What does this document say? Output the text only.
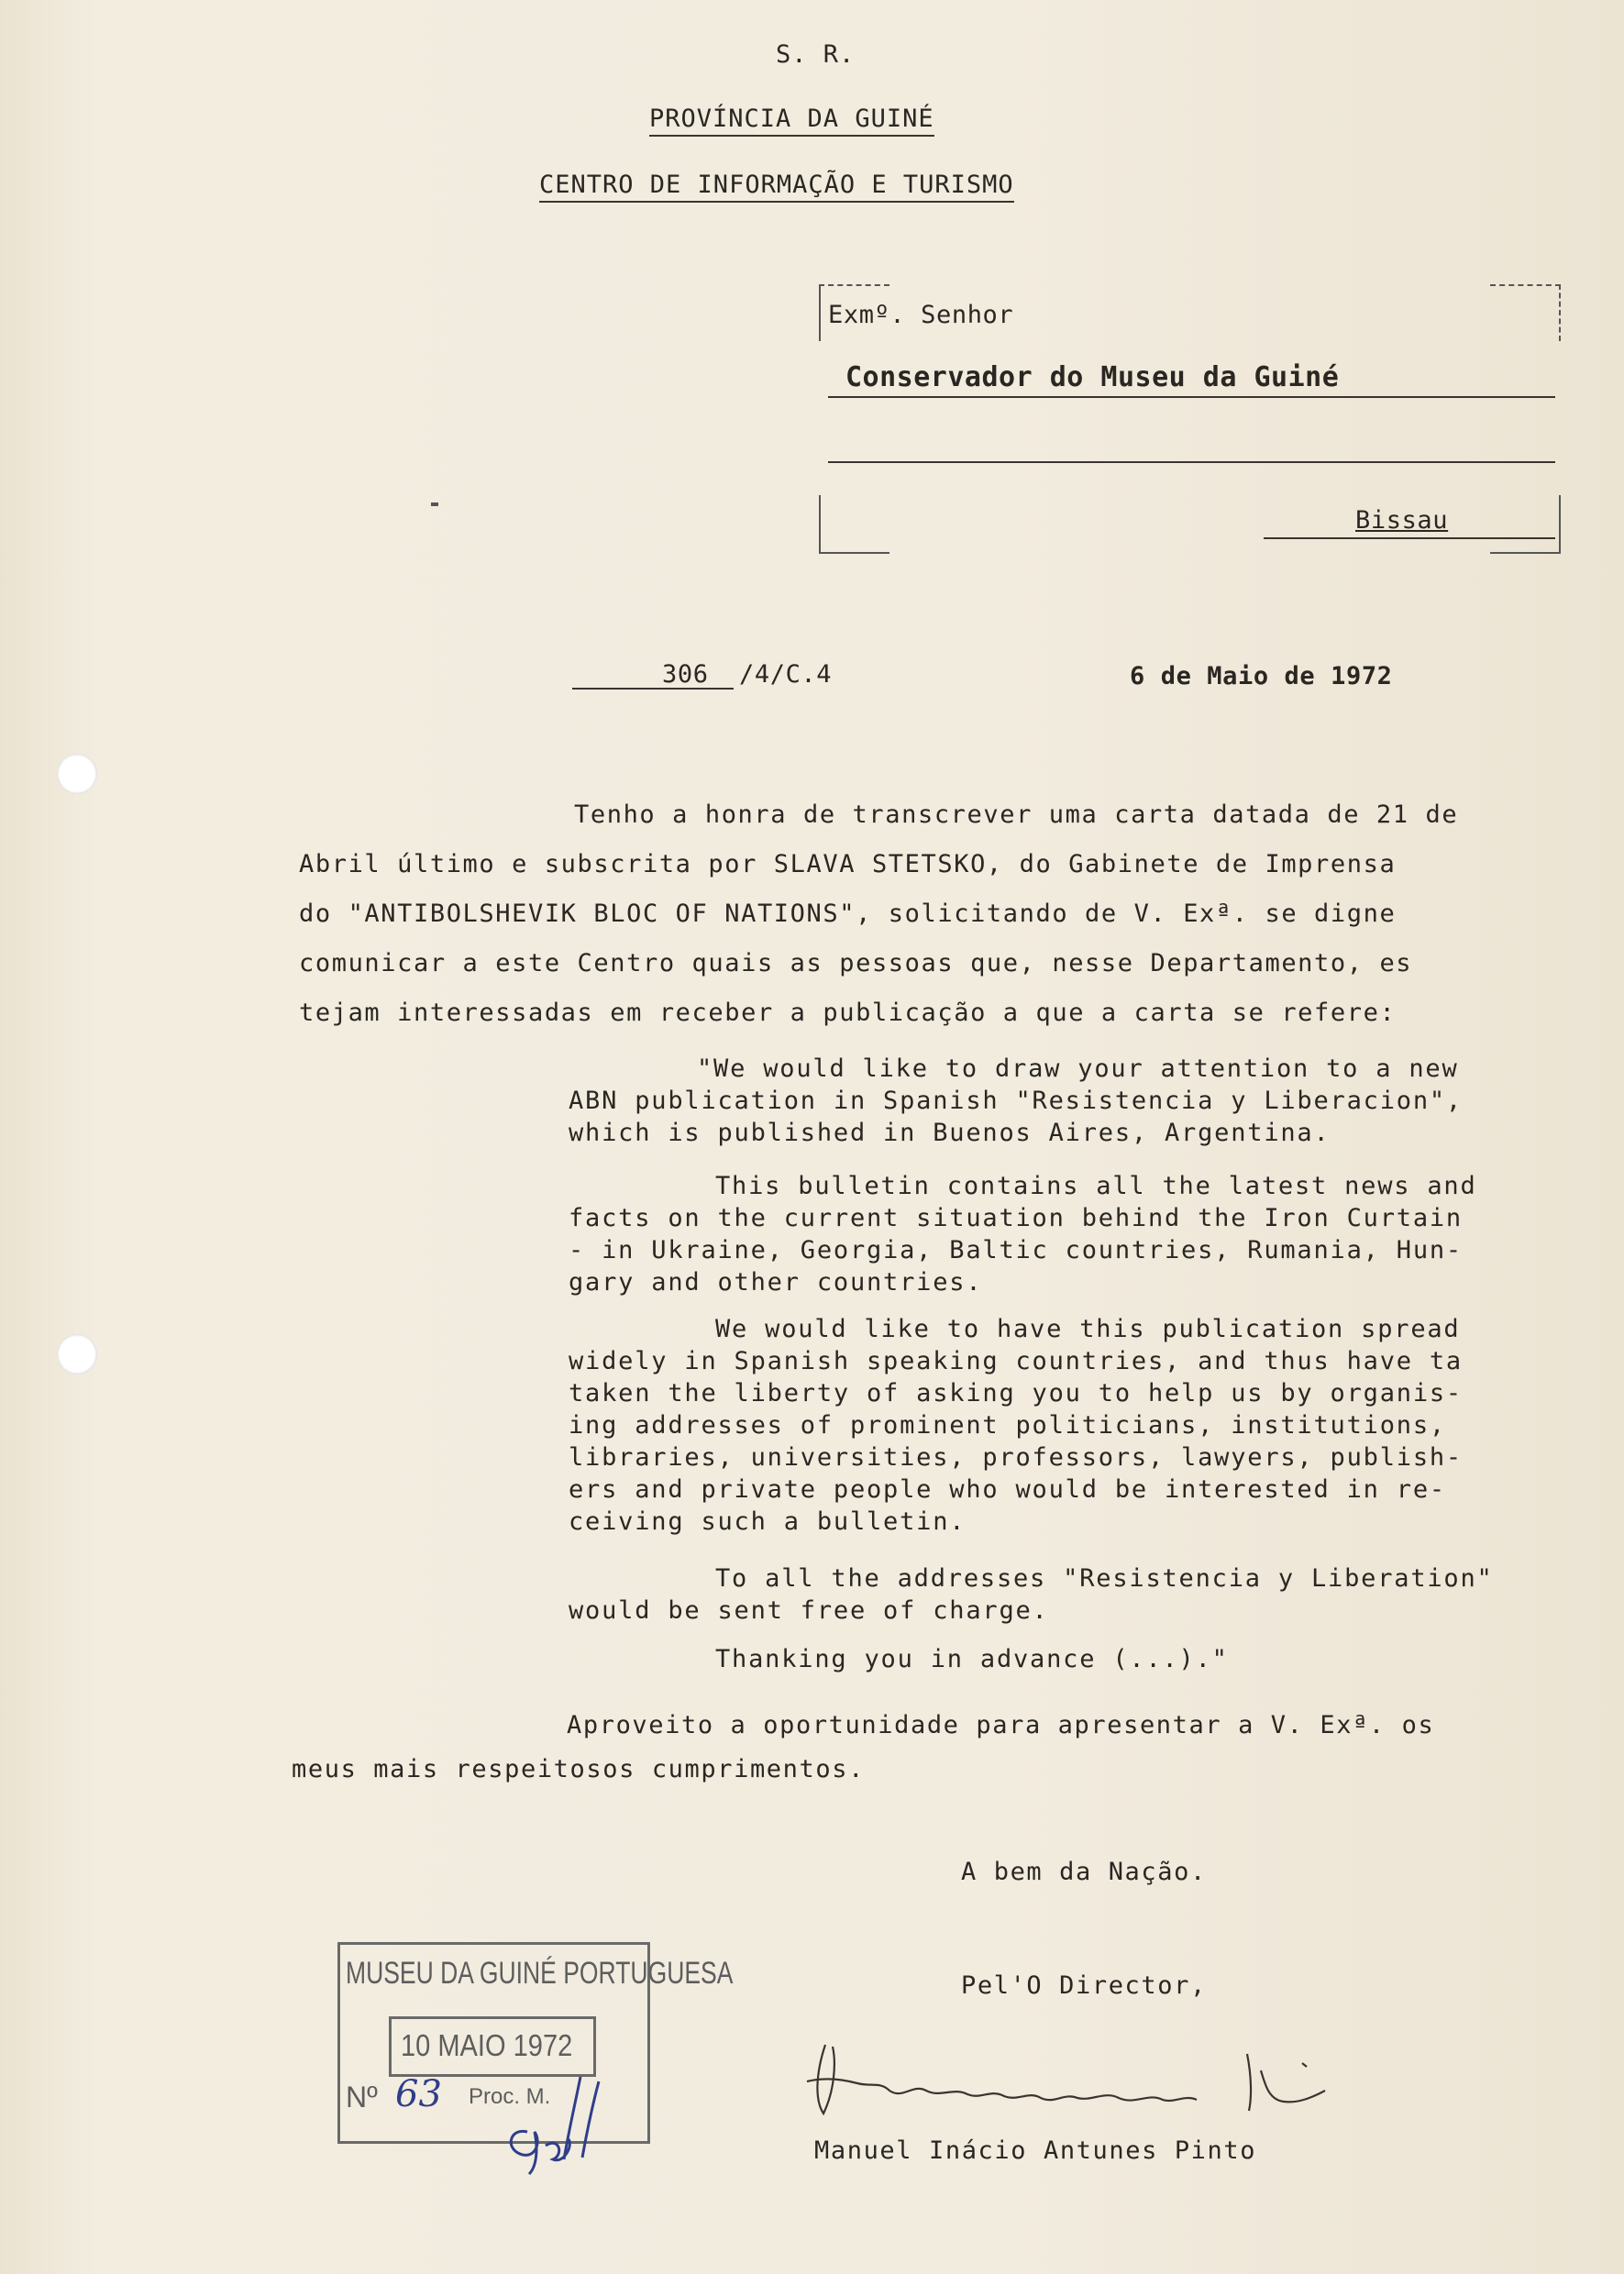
S. R.
PROVÍNCIA DA GUINÉ
CENTRO DE INFORMAÇÃO E TURISMO
Exmº. Senhor
Conservador do Museu da Guiné
Bissau
306 /4/C.4	6 de Maio de 1972
Tenho a honra de transcrever uma carta datada de 21 de
Abril último e subscrita por SLAVA STETSKO, do Gabinete de Imprensa
do "ANTIBOLSHEVIK BLOC OF NATIONS", solicitando de V. Exª. se digne
comunicar a este Centro quais as pessoas que, nesse Departamento, es
tejam interessadas em receber a publicação a que a carta se refere:
"We would like to draw your attention to a new
ABN publication in Spanish "Resistencia y Liberacion",
which is published in Buenos Aires, Argentina.
This bulletin contains all the latest news and
facts on the current situation behind the Iron Curtain
- in Ukraine, Georgia, Baltic countries, Rumania, Hun-
gary and other countries.
We would like to have this publication spread
widely in Spanish speaking countries, and thus have ta
taken the liberty of asking you to help us by organis-
ing addresses of prominent politicians, institutions,
libraries, universities, professors, lawyers, publish-
ers and private people who would be interested in re-
ceiving such a bulletin.
To all the addresses "Resistencia y Liberation"
would be sent free of charge.
Thanking you in advance (...)."
Aproveito a oportunidade para apresentar a V. Exª. os
meus mais respeitosos cumprimentos.
A bem da Nação.
Pel'O Director,
Manuel Inácio Antunes Pinto
MUSEU DA GUINÉ PORTUGUESA
10 MAIO 1972
Nº 63 Proc. M.
